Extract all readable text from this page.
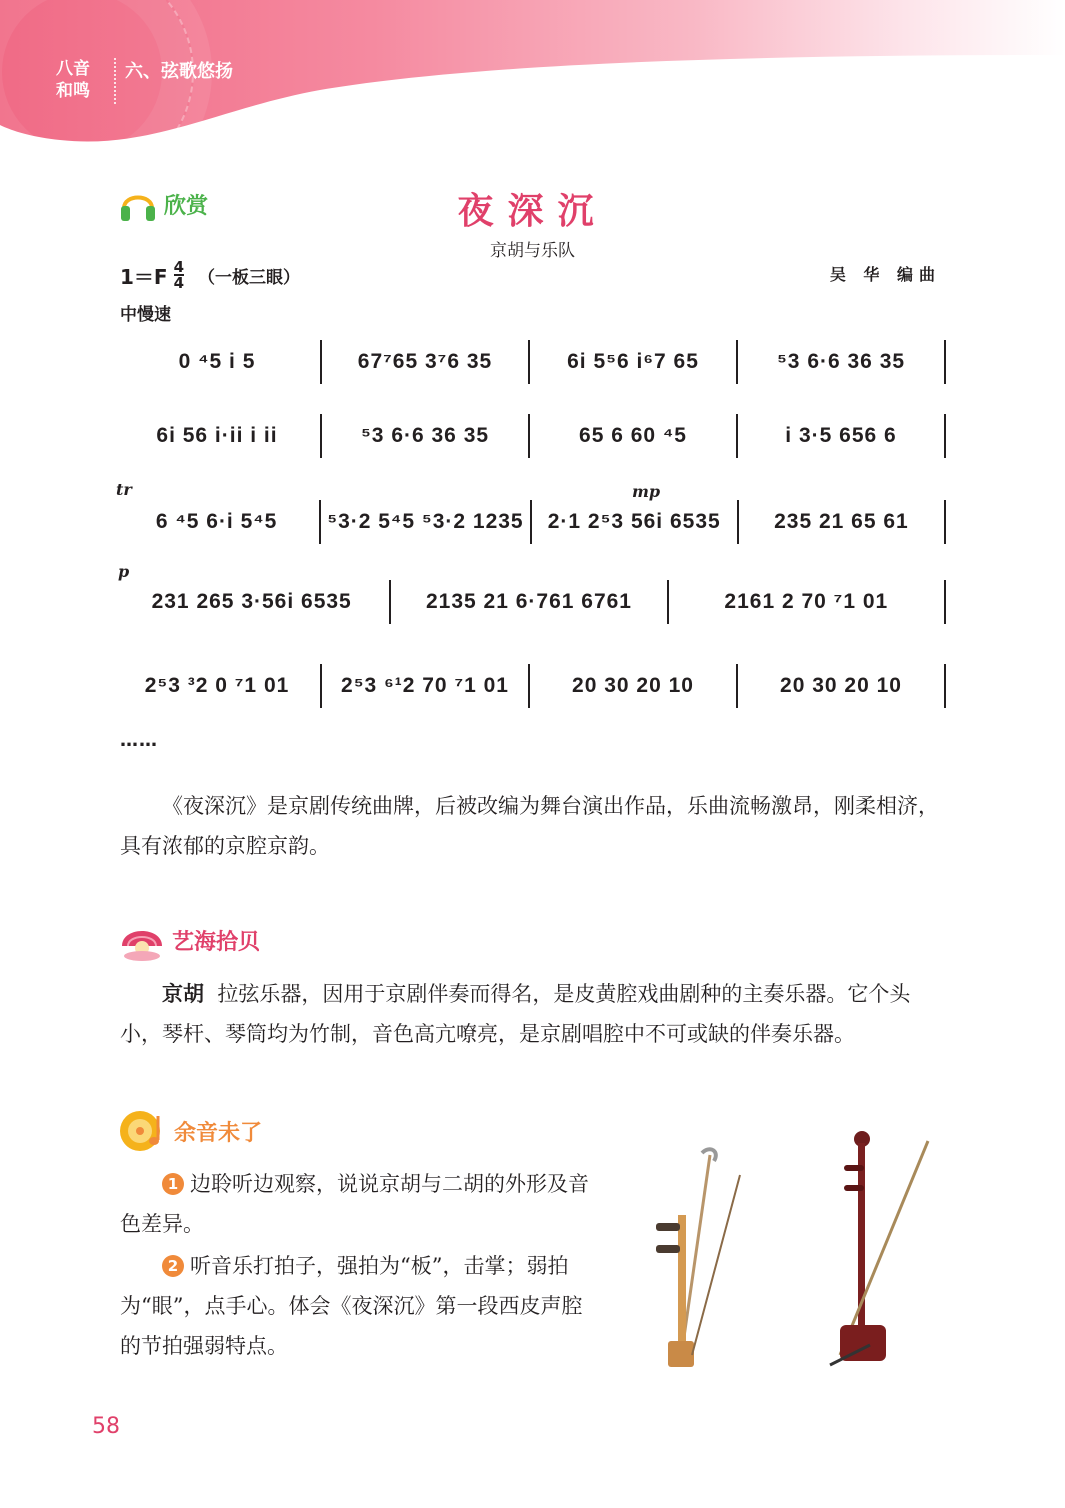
八音
和鸣
六、弦歌悠扬
欣赏	夜深沉
京胡与乐队
$1=F \frac{4}{4}$ （一板三眼）	吴 华 编曲
中慢速
0 ⁴5 i 5	67⁷65 3⁷6 35	6i 5⁵6 i⁶7 65	⁵3 6·6 36 35
6i 56 i·ii i ii	⁵3 6·6 36 35	65 6 60 ⁴5	i 3·5 656 6
tr	mp
6 ⁴5 6·i 5⁴5	⁵3·2 5⁴5 ⁵3·2 1235	2·1 2⁵3 56i 6535	235 21 65 61
p
231 265 3·56i 6535	2135 21 6·761 6761	2161 2 70 ⁷1 01
2⁵3 ³2 0 ⁷1 01	2⁵3 ⁶¹2 70 ⁷1 01	20 30 20 10	20 30 20 10
……
《夜深沉》是京剧传统曲牌，后被改编为舞台演出作品，乐曲流畅激昂，刚柔相济，具有浓郁的京腔京韵。
艺海拾贝
京胡 拉弦乐器，因用于京剧伴奏而得名，是皮黄腔戏曲剧种的主奏乐器。它个头小，琴杆、琴筒均为竹制，音色高亢嘹亮，是京剧唱腔中不可或缺的伴奏乐器。
余音未了
1 边聆听边观察，说说京胡与二胡的外形及音色差异。
2 听音乐打拍子，强拍为“板”，击掌；弱拍为“眼”，点手心。体会《夜深沉》第一段西皮声腔的节拍强弱特点。
58
